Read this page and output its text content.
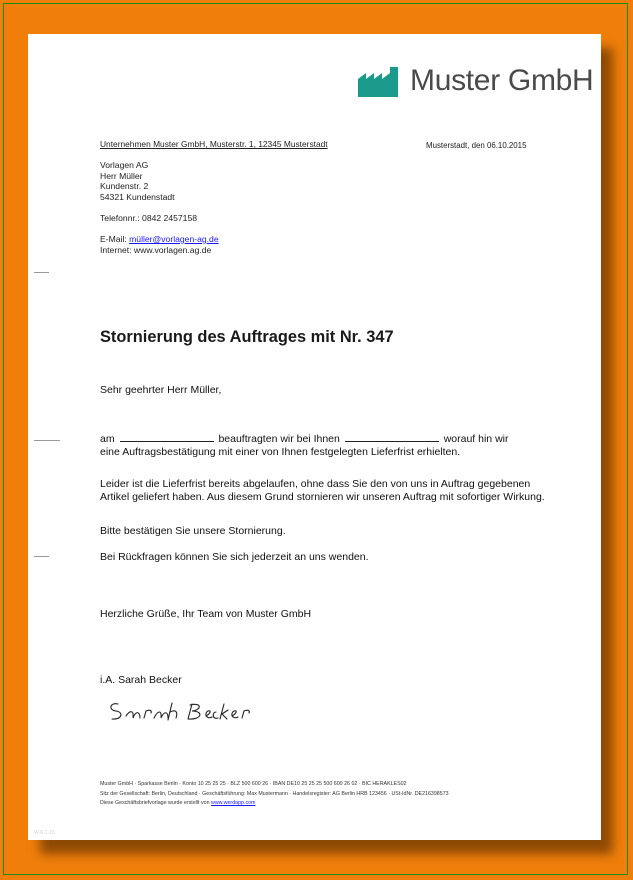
Muster GmbH
Unternehmen Muster GmbH, Musterstr. 1, 12345 Musterstadt	Musterstadt, den 06.10.2015
Vorlagen AG
Herr Müller
Kundenstr. 2
54321 Kundenstadt
Telefonnr.: 0842 2457158
E-Mail: müller@vorlagen-ag.de
Internet: www.vorlagen.ag.de
Stornierung des Auftrages mit Nr. 347
Sehr geehrter Herr Müller,
am	beauftragten wir bei Ihnen	worauf hin wir
eine Auftragsbestätigung mit einer von Ihnen festgelegten Lieferfrist erhielten.
Leider ist die Lieferfrist bereits abgelaufen, ohne dass Sie den von uns in Auftrag gegebenen Artikel geliefert haben. Aus diesem Grund stornieren wir unseren Auftrag mit sofortiger Wirkung.
Bitte bestätigen Sie unsere Stornierung.
Bei Rückfragen können Sie sich jederzeit an uns wenden.
Herzliche Grüße, Ihr Team von Muster GmbH
i.A. Sarah Becker
Muster GmbH · Sparkasse Berlin · Konto 10 25 25 25 · BLZ 500 600 26 · IBAN DE10 25 25 25 500 600 26 02 · BIC HERAKLES02
Sitz der Gesellschaft: Berlin, Deutschland · Geschäftsführung: Max Mustermann · Handelsregister: AG Berlin HRB 123456 · USt-IdNr. DE216398573
Diese Geschäftsbriefvorlage wurde erstellt von www.werdapp.com
W-6-1-15
